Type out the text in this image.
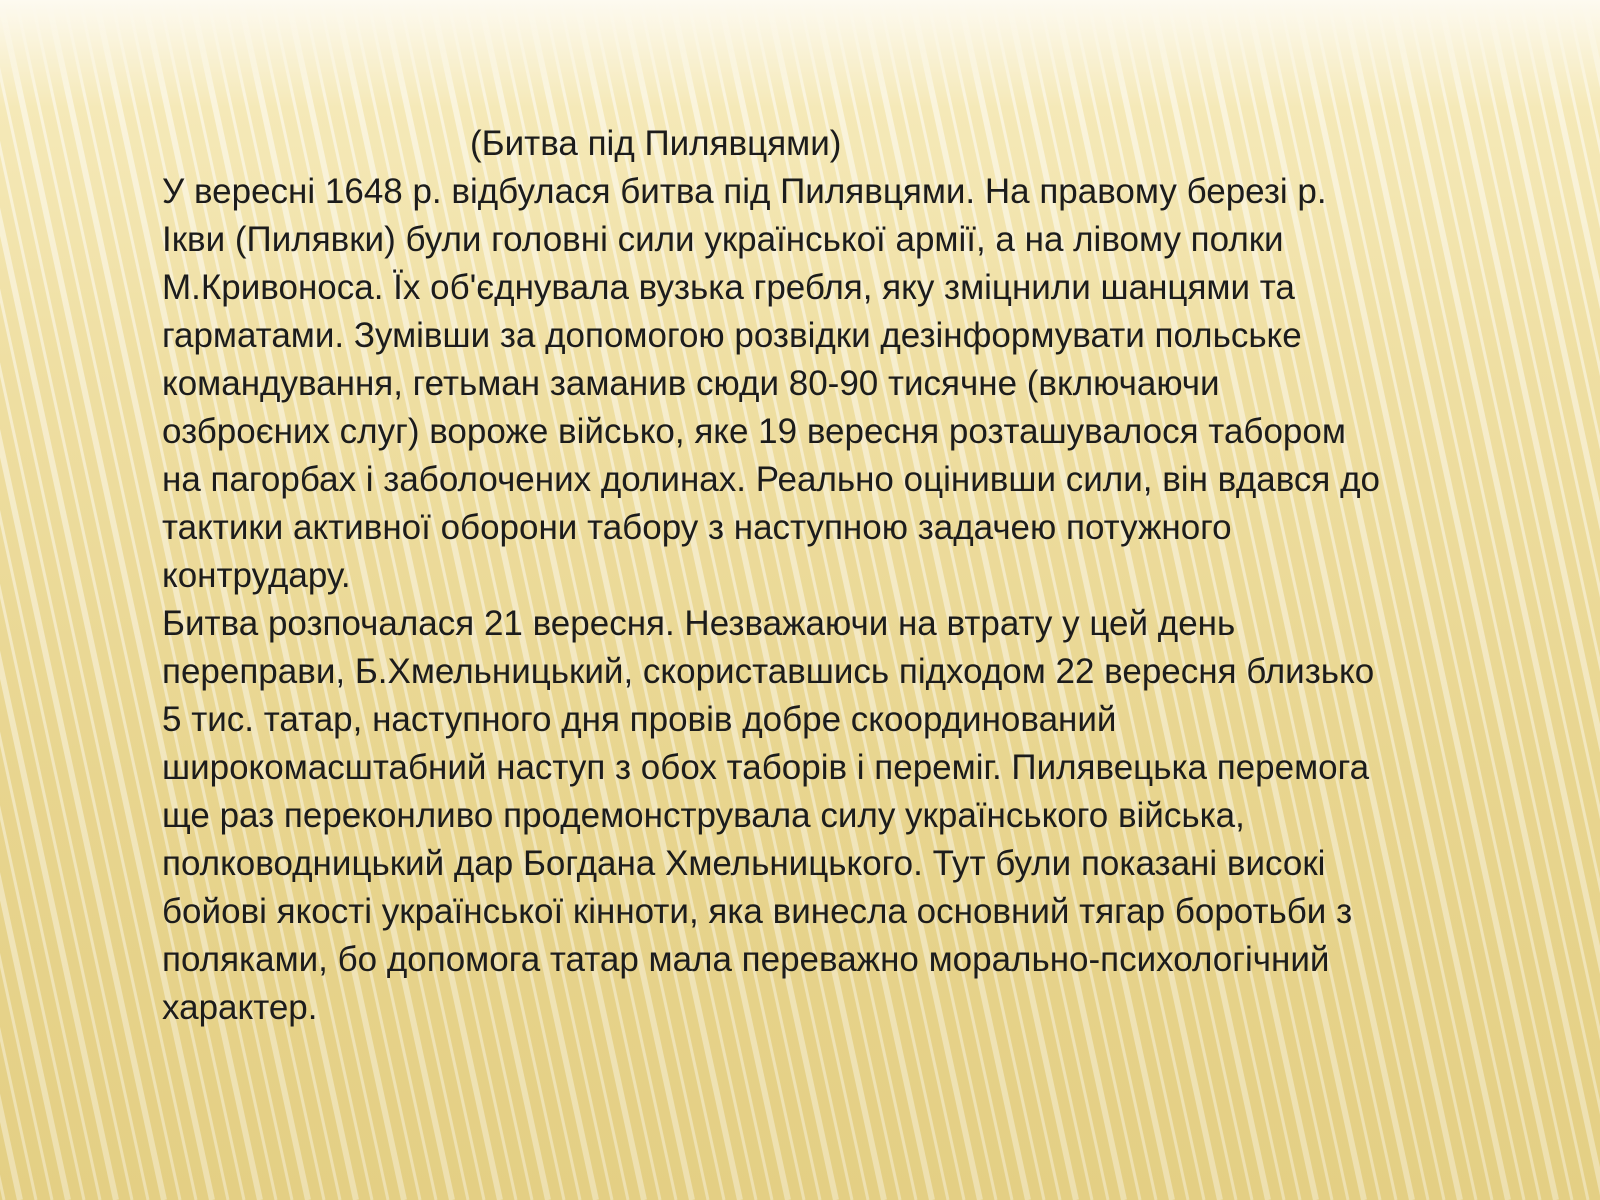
(Битва під Пилявцями)

У вересні 1648 р. відбулася битва під Пилявцями. На правому березі р.
Ікви (Пилявки) були головні сили української армії, а на лівому полки
М.Кривоноса. Їх об'єднувала вузька гребля, яку зміцнили шанцями та
гарматами. Зумівши за допомогою розвідки дезінформувати польське
командування, гетьман заманив сюди 80-90 тисячне (включаючи
озброєних слуг) вороже військо, яке 19 вересня розташувалося табором
на пагорбах і заболочених долинах. Реально оцінивши сили, він вдався до
тактики активної оборони табору з наступною задачею потужного
контрудару.

Битва розпочалася 21 вересня. Незважаючи на втрату у цей день
переправи, Б.Хмельницький, скориставшись підходом 22 вересня близько
5 тис. татар, наступного дня провів добре скоординований
широкомасштабний наступ з обох таборів і переміг. Пилявецька перемога
ще раз переконливо продемонструвала силу українського війська,
полководницький дар Богдана Хмельницького. Тут були показані високі
бойові якості української кінноти, яка винесла основний тягар боротьби з
поляками, бо допомога татар мала переважно морально-психологічний
характер.
